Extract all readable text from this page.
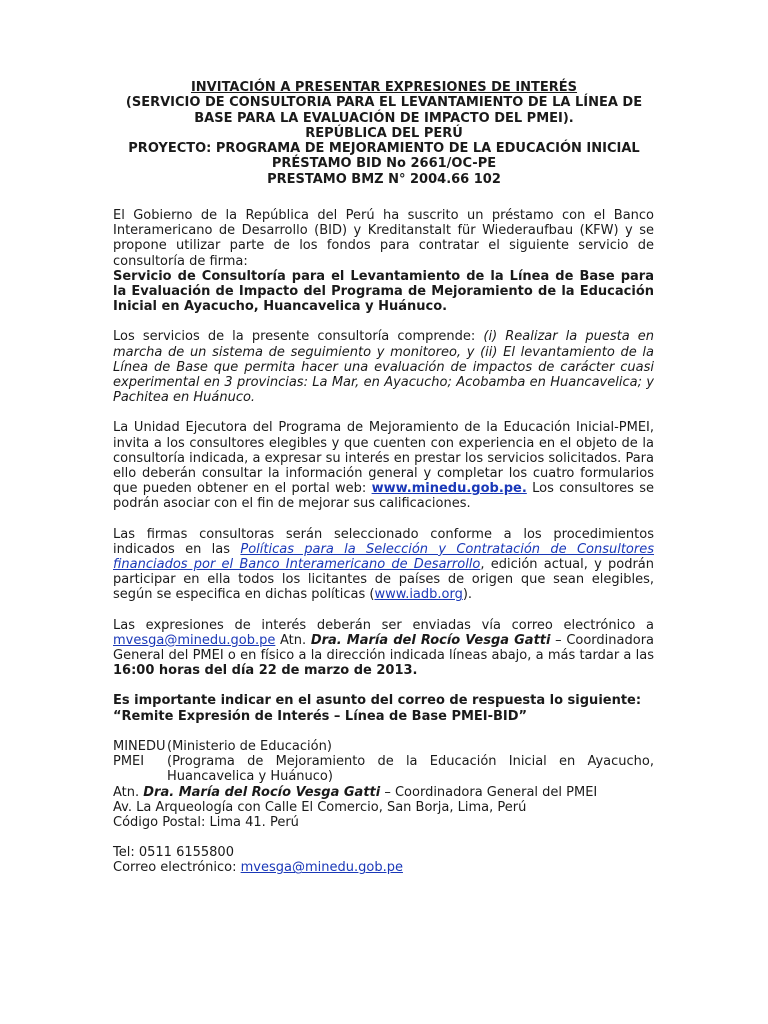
INVITACIÓN A PRESENTAR EXPRESIONES DE INTERÉS
(SERVICIO DE CONSULTORIA PARA EL LEVANTAMIENTO DE LA LÍNEA DE
BASE PARA LA EVALUACIÓN DE IMPACTO DEL PMEI).
REPÚBLICA DEL PERÚ
PROYECTO: PROGRAMA DE MEJORAMIENTO DE LA EDUCACIÓN INICIAL
PRÉSTAMO BID No 2661/OC-PE
PRESTAMO BMZ N° 2004.66 102

El Gobierno de la República del Perú ha suscrito un préstamo con el Banco Interamericano de Desarrollo (BID) y Kreditanstalt für Wiederaufbau (KFW) y se propone utilizar parte de los fondos para contratar el siguiente servicio de consultoría de firma:

Servicio de Consultoría para el Levantamiento de la Línea de Base para la Evaluación de Impacto del Programa de Mejoramiento de la Educación Inicial en Ayacucho, Huancavelica y Huánuco.

Los servicios de la presente consultoría comprende: (i) Realizar la puesta en marcha de un sistema de seguimiento y monitoreo, y (ii) El levantamiento de la Línea de Base que permita hacer una evaluación de impactos de carácter cuasi experimental en 3 provincias: La Mar, en Ayacucho; Acobamba en Huancavelica; y Pachitea en Huánuco.

La Unidad Ejecutora del Programa de Mejoramiento de la Educación Inicial-PMEI, invita a los consultores elegibles y que cuenten con experiencia en el objeto de la consultoría indicada, a expresar su interés en prestar los servicios solicitados. Para ello deberán consultar la información general y completar los cuatro formularios que pueden obtener en el portal web: www.minedu.gob.pe. Los consultores se podrán asociar con el fin de mejorar sus calificaciones.

Las firmas consultoras serán seleccionado conforme a los procedimientos indicados en las Políticas para la Selección y Contratación de Consultores financiados por el Banco Interamericano de Desarrollo, edición actual, y podrán participar en ella todos los licitantes de países de origen que sean elegibles, según se especifica en dichas políticas (www.iadb.org).

Las expresiones de interés deberán ser enviadas vía correo electrónico a mvesga@minedu.gob.pe Atn. Dra. María del Rocío Vesga Gatti – Coordinadora General del PMEI o en físico a la dirección indicada líneas abajo, a más tardar a las 16:00 horas del día 22 de marzo de 2013.

Es importante indicar en el asunto del correo de respuesta lo siguiente:

“Remite Expresión de Interés – Línea de Base PMEI-BID”

MINEDU (Ministerio de Educación)
PMEI	(Programa de Mejoramiento de la Educación Inicial en Ayacucho, Huancavelica y Huánuco)
Atn. Dra. María del Rocío Vesga Gatti – Coordinadora General del PMEI
Av. La Arqueología con Calle El Comercio, San Borja, Lima, Perú
Código Postal: Lima 41. Perú
Tel: 0511 6155800
Correo electrónico: mvesga@minedu.gob.pe
